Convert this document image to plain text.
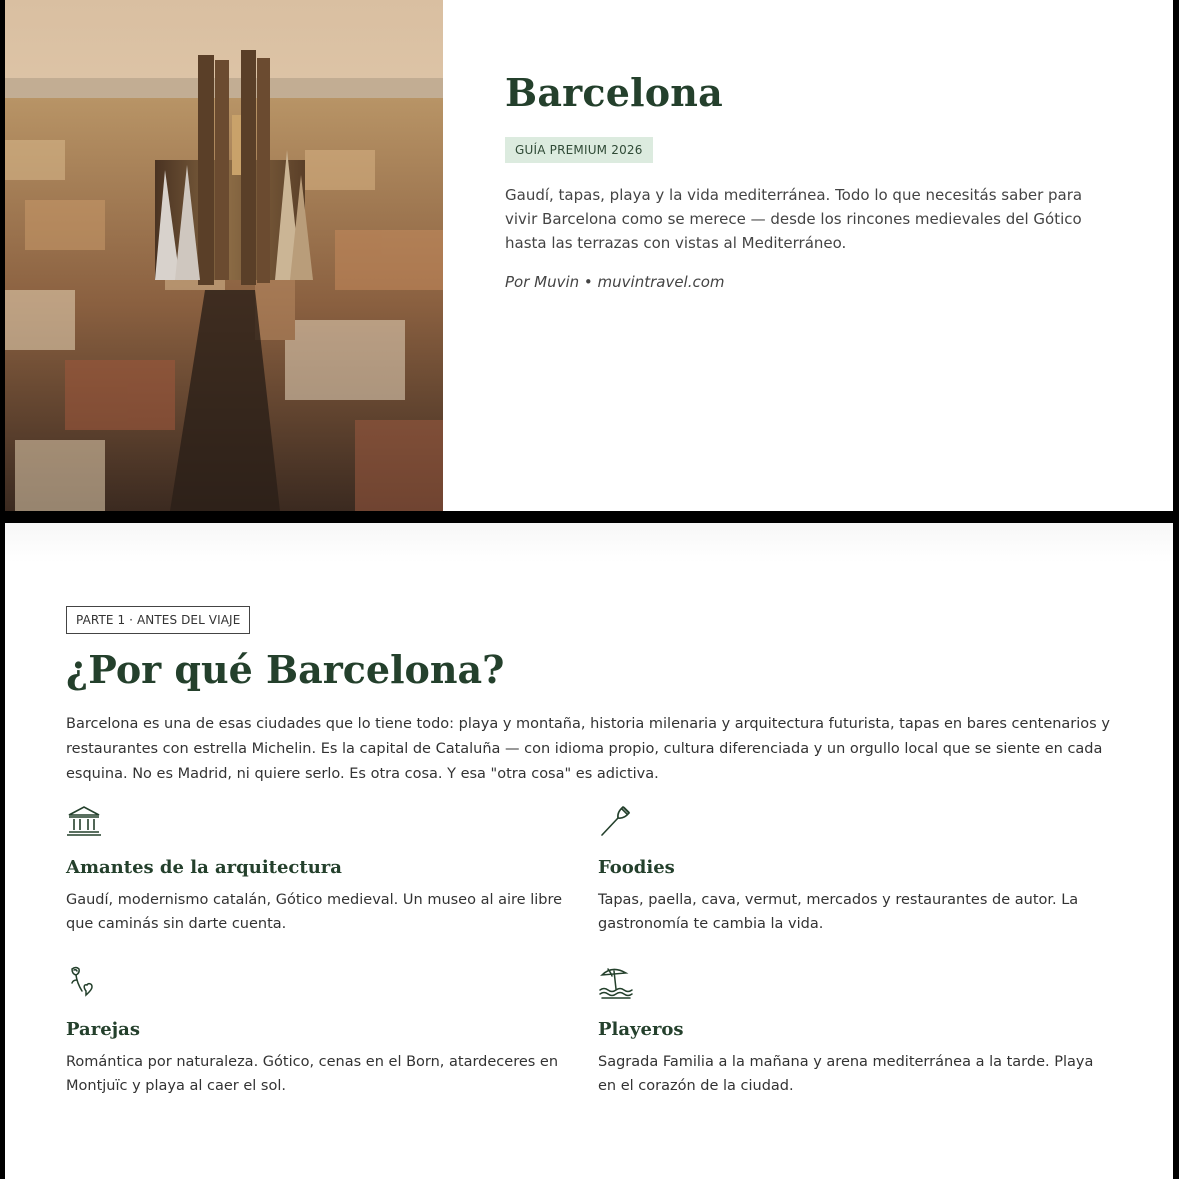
Barcelona
GUÍA PREMIUM 2026
Gaudí, tapas, playa y la vida mediterránea. Todo lo que necesitás saber para vivir Barcelona como se merece — desde los rincones medievales del Gótico hasta las terrazas con vistas al Mediterráneo.
Por Muvin • muvintravel.com
PARTE 1 · ANTES DEL VIAJE
¿Por qué Barcelona?

Barcelona es una de esas ciudades que lo tiene todo: playa y montaña, historia milenaria y arquitectura futurista, tapas en bares centenarios y restaurantes con estrella Michelin. Es la capital de Cataluña — con idioma propio, cultura diferenciada y un orgullo local que se siente en cada esquina. No es Madrid, ni quiere serlo. Es otra cosa. Y esa "otra cosa" es adictiva.

Amantes de la arquitectura

Gaudí, modernismo catalán, Gótico medieval. Un museo al aire libre que caminás sin darte cuenta.

Foodies

Tapas, paella, cava, vermut, mercados y restaurantes de autor. La gastronomía te cambia la vida.

Parejas

Romántica por naturaleza. Gótico, cenas en el Born, atardeceres en Montjuïc y playa al caer el sol.

Playeros

Sagrada Familia a la mañana y arena mediterránea a la tarde. Playa en el corazón de la ciudad.
